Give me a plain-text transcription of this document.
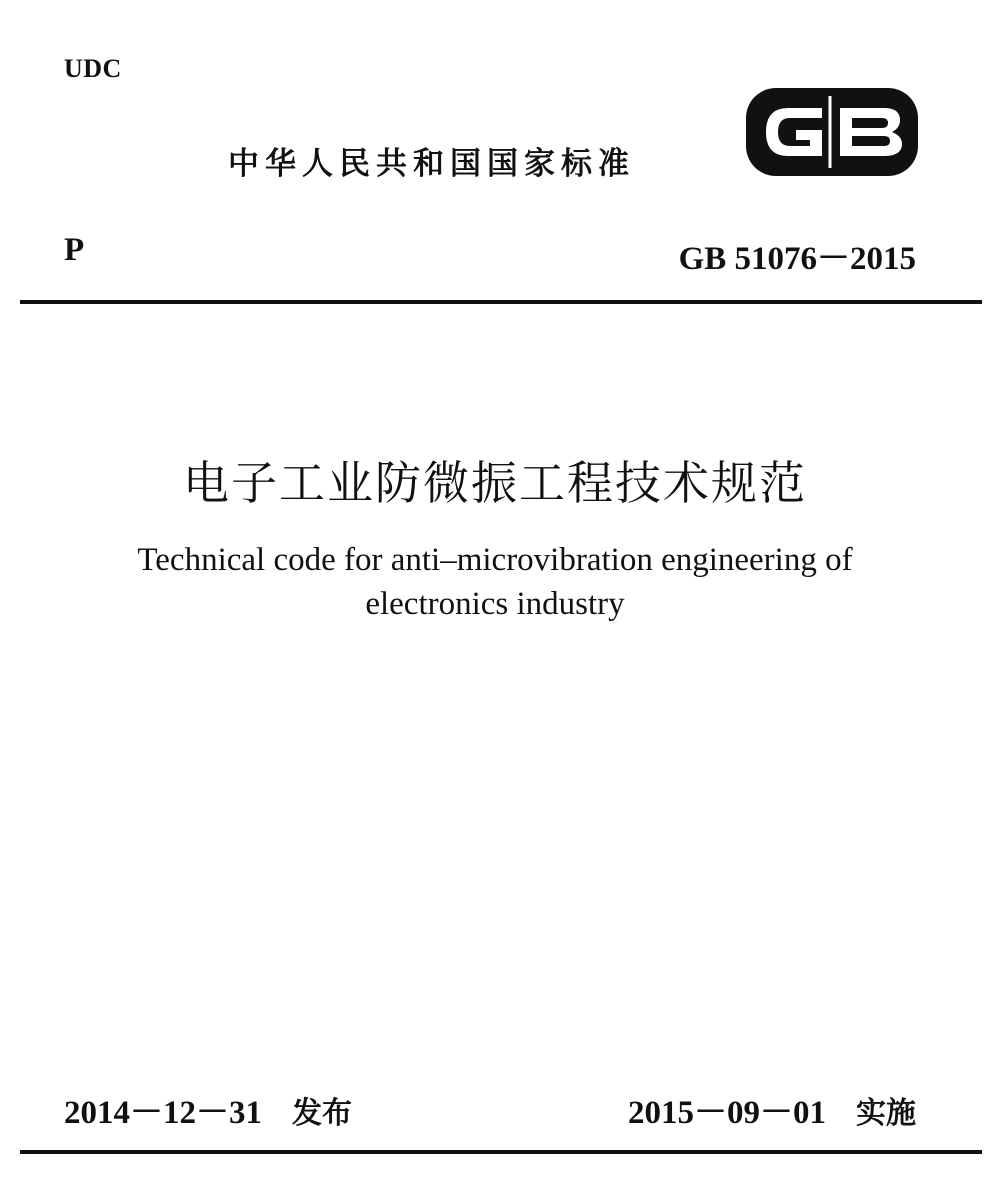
UDC
中华人民共和国国家标准
P	GB 51076－2015
电子工业防微振工程技术规范
Technical code for anti–microvibration engineering of
electronics industry
2014－12－31 发布	2015－09－01 实施
